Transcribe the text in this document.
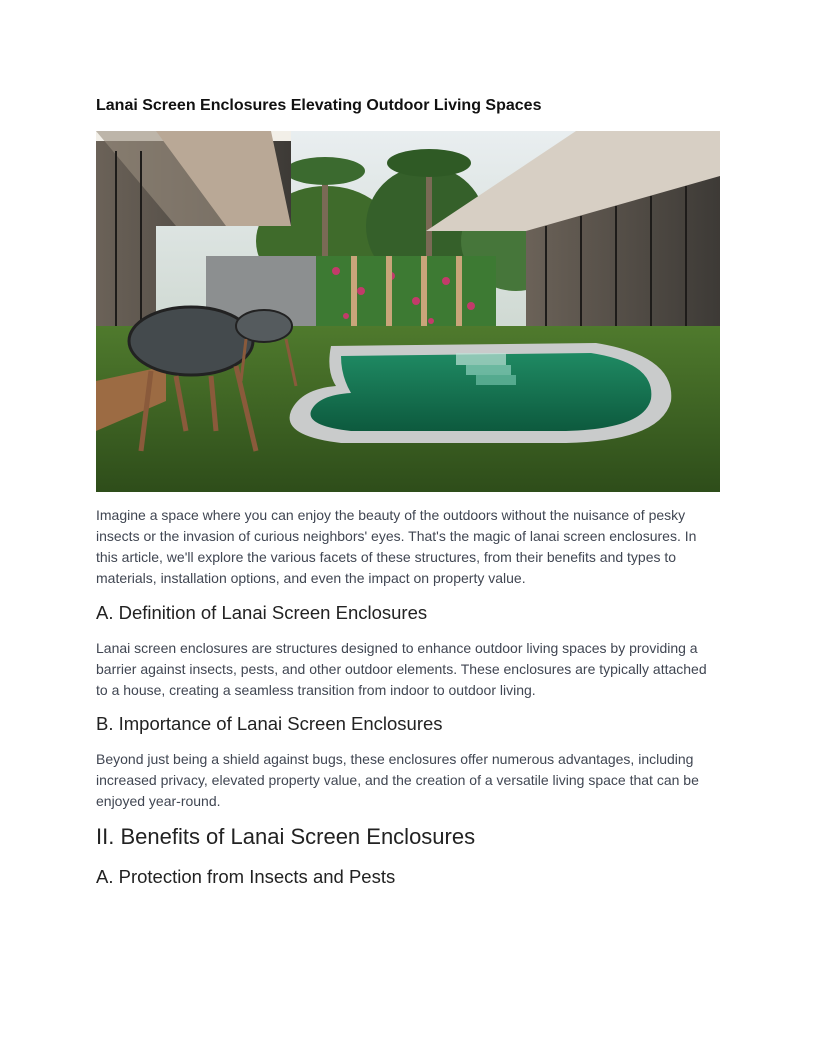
Lanai Screen Enclosures Elevating Outdoor Living Spaces

Imagine a space where you can enjoy the beauty of the outdoors without the nuisance of pesky insects or the invasion of curious neighbors' eyes. That's the magic of lanai screen enclosures. In this article, we'll explore the various facets of these structures, from their benefits and types to materials, installation options, and even the impact on property value.

A. Definition of Lanai Screen Enclosures

Lanai screen enclosures are structures designed to enhance outdoor living spaces by providing a barrier against insects, pests, and other outdoor elements. These enclosures are typically attached to a house, creating a seamless transition from indoor to outdoor living.

B. Importance of Lanai Screen Enclosures

Beyond just being a shield against bugs, these enclosures offer numerous advantages, including increased privacy, elevated property value, and the creation of a versatile living space that can be enjoyed year-round.

II. Benefits of Lanai Screen Enclosures
A. Protection from Insects and Pests
